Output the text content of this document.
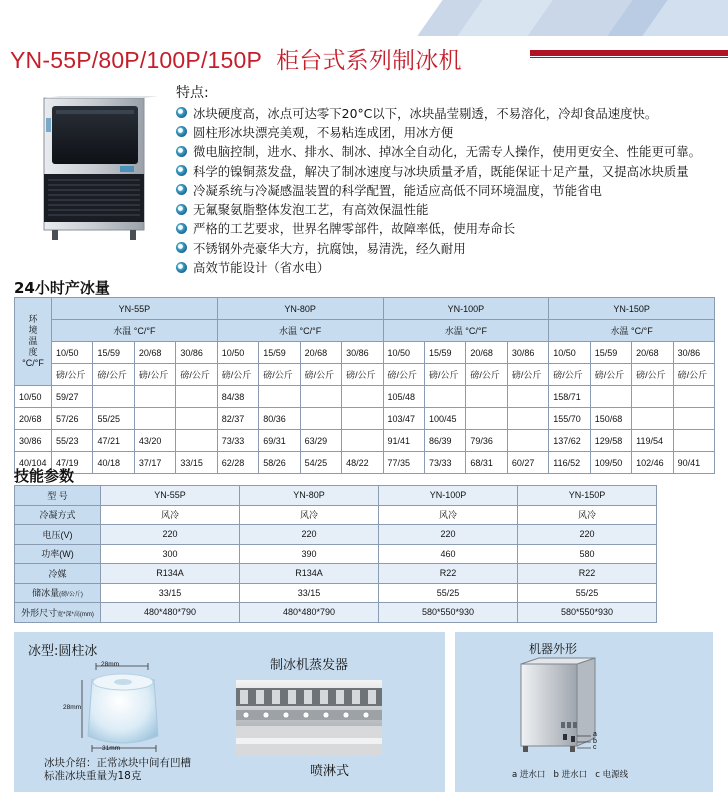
YN-55P/80P/100P/150P 柜台式系列制冰机
特点:
冰块硬度高，冰点可达零下20°C以下，冰块晶莹剔透，不易溶化，冷却食品速度快。
圆柱形冰块漂亮美观，不易粘连成团，用冰方便
微电脑控制，进水、排水、制冰、掉冰全自动化，无需专人操作，使用更安全、性能更可靠。
科学的镍铜蒸发盘，解决了制冰速度与冰块质量矛盾，既能保证十足产量，又提高冰块质量
冷凝系统与冷凝感温装置的科学配置，能适应高低不同环境温度，节能省电
无氟聚氨脂整体发泡工艺，有高效保温性能
严格的工艺要求，世界名牌零部件，故障率低，使用寿命长
不锈钢外壳豪华大方，抗腐蚀，易清洗，经久耐用
高效节能设计（省水电）
24小时产冰量
环
境
温
度
°C/°F	YN-55P				YN-80P				YN-100P				YN-150P			
	水温 °C/°F				水温 °C/°F				水温 °C/°F				水温 °C/°F			
	10/50	15/59	20/68	30/86	10/50	15/59	20/68	30/86	10/50	15/59	20/68	30/86	10/50	15/59	20/68	30/86
	磅/公斤	磅/公斤	磅/公斤	磅/公斤	磅/公斤	磅/公斤	磅/公斤	磅/公斤	磅/公斤	磅/公斤	磅/公斤	磅/公斤	磅/公斤	磅/公斤	磅/公斤	磅/公斤
10/50	59/27				84/38				105/48				158/71			
20/68	57/26	55/25			82/37	80/36			103/47	100/45			155/70	150/68		
30/86	55/23	47/21	43/20		73/33	69/31	63/29		91/41	86/39	79/36		137/62	129/58	119/54	
40/104	47/19	40/18	37/17	33/15	62/28	58/26	54/25	48/22	77/35	73/33	68/31	60/27	116/52	109/50	102/46	90/41
技能参数
型 号	YN-55P	YN-80P	YN-100P	YN-150P
冷凝方式	风冷	风冷	风冷	风冷
电压(V)	220	220	220	220
功率(W)	300	390	460	580
冷媒	R134A	R134A	R22	R22
储冰量(磅/公斤)	33/15	33/15	55/25	55/25
外形尺寸宽*深*高(mm)	480*480*790	480*480*790	580*550*930	580*550*930
冰型:圆柱冰
28mm
28mm
31mm
冰块介绍：正常冰块中间有凹槽
标准冰块重量为18克
制冰机蒸发器
喷淋式
机器外形
a
b
c
a 进水口 b 进水口 c 电源线
